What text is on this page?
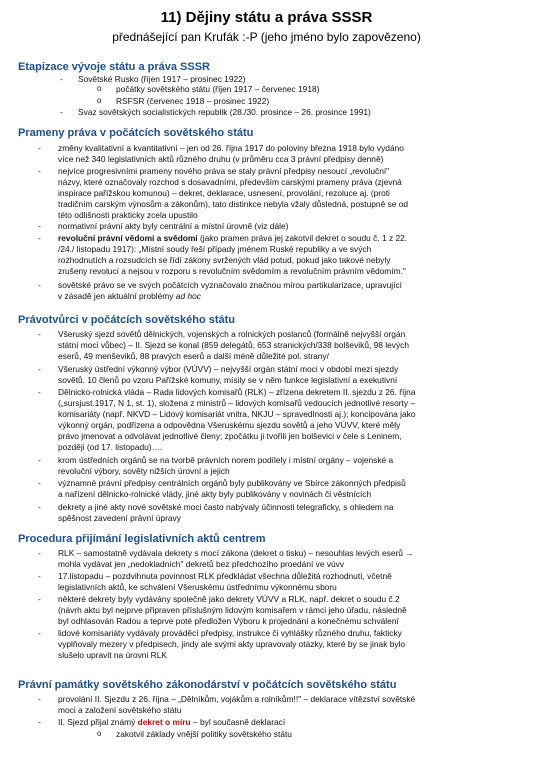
11) Dějiny státu a práva SSSR
přednášející pan Krufák :-P (jeho jméno bylo zapovězeno)
Etapizace vývoje státu a práva SSSR
- Sovětské Rusko (říjen 1917 – prosinec 1922)
o počátky sovětského státu (říjen 1917 – červenec 1918)
o RSFSR (červenec 1918 – prosinec 1922)
- Svaz sovětských socialistických republik (28./30. prosince – 26. prosince 1991)
Prameny práva v počátcích sovětského státu
- změny kvalitativní a kvantitativní – jen od 26. října 1917 do poloviny března 1918 bylo vydáno
více než 340 legislativních aktů různého druhu (v průměru cca 3 právní předpisy denně)
- nejvíce progresivními prameny nového práva se staly právní předpisy nesoucí „revoluční"
názvy, které označovaly rozchod s dosavadními, především carskými prameny práva (zjevná
inspirace pařížskou komunou) – dekret, deklarace, usnesení, provolání, rezoluce aj. (proti
tradičním carským výnosům a zákonům), tato distinkce nebyla vžaly důsledná, postupně se od
této odlišnosti prakticky zcela upustilo
- normativní právní akty byly centrální a místní úrovně (viz dále)
- revoluční právní vědomí a svědomí (jako pramen práva jej zakotvil dekret o soudu č. 1 z 22.
/24./ listopadu 1917): „Místní soudy řeší případy jménem Ruské republiky a ve svých
rozhodnutích a rozsudcích se řídí zákony svržených vlád potud, pokud jako takové nebyly
zrušeny revolucí a nejsou v rozporu s revolučním svědomím a revolučním právním vědomím."
- sovětské právo se ve svých počátcích vyznačovalo značnou mírou partikularizace, upravující
v zásadě jen aktuální problémy ad hoc
Právotvůrci v počátcích sovětského státu
- Všeruský sjezd sovětů dělnických, vojenských a rolnických poslanců (formálně nejvyšší orgán
státní moci vůbec) – II. Sjezd se konal (859 delegátů, 653 stranických/338 bolševiků, 98 levých
eserů, 49 menševiků, 88 pravých eserů a další méně důležité pol. strany/
- Všeruský ústřední výkonný výbor (VÚVV) – nejvyšší orgán státní moci v období mezi sjezdy
sovětů. 10 členů po vzoru Pařížské komuny, mísily se v něm funkce legislativní a exekutivní
- Dělnicko-rolnická vláda – Rada lidových komisařů (RLK) – zřízena dekretem II. sjezdu z 26. října
(„sursjust.1917, N 1, st. 1), složena z ministrů – lidových komisařů vedoucích jednotlivé resorty –
komisariáty (např. NKVD – Lidový komisariát vnitra, NKJU – spravedlnosti aj.); koncipována jako
výkonný orgán, podřízena a odpovědna Všeruskému sjezdu sovětů a jeho VÚVV, které měly
právo jmenovat a odvolávat jednotlivé členy; zpočátku ji tvořili jen bolševici v čele s Leninem,
později (od 17. listopadu)….
- krom ústředních orgánů se na tvorbě právních norem podílely i místní orgány – vojenské a
revoluční výbory, sověty nižších úrovní a jejich
- významné právní předpisy centrálních orgánů byly publikovány ve Sbírce zákonných předpisů
a nařízení dělnicko-rolnické vlády, jiné akty byly publikovány v novinách či věstnících
- dekrety a jiné akty nové sovětské moci často nabývaly účinnosti telegraficky, s ohledem na
spěšnost zavedení právní úpravy
Procedura přijímání legislativních aktů centrem
- RLK – samostatně vydávala dekrety s mocí zákona (dekret o tisku) – nesouhlas levých eserů →
mohla vydávat jen „nedokladních" dekretů bez předchozího proedání ve vúvv
- 17.listopadu – pozdvihnuta povinnost RLK předkládat všechna důležitá rozhodnutí, včetně
legislativních aktů, ke schválení Všeruskému ústřednímu výkonnému sboru
- některé dekrety byly vydávány společně jako dekrety VÚVV a RLK, např. dekret o soudu č.2
(návrh aktu byl nejprve připraven příslušným lidovým komisařem v rámci jeho úřadu, následně
byl odhlasován Radou a teprve poté předložen Výboru k projednání a konečnému schválení
- lidové komisariáty vydávaly prováděcí předpisy, instrukce či vyhlášky různého druhu, fakticky
vyplňovaly mezery v předpisech, jindy ale svými akty upravovaly otázky, které by se jinak bylo
slušelo upravit na úrovni RLK
Právní památky sovětského zákonodárství v počátcích sovětského státu
- provolání II. Sjezdu z 26. října – „Dělníkům, vojákům a rolníkům!!" – deklarace vítězství sovětské
moci a založení sovětského státu
- II. Sjezd přijal známý dekret o míru – byl současně deklarací
o zakotvil základy vnější politiky sovětského státu
